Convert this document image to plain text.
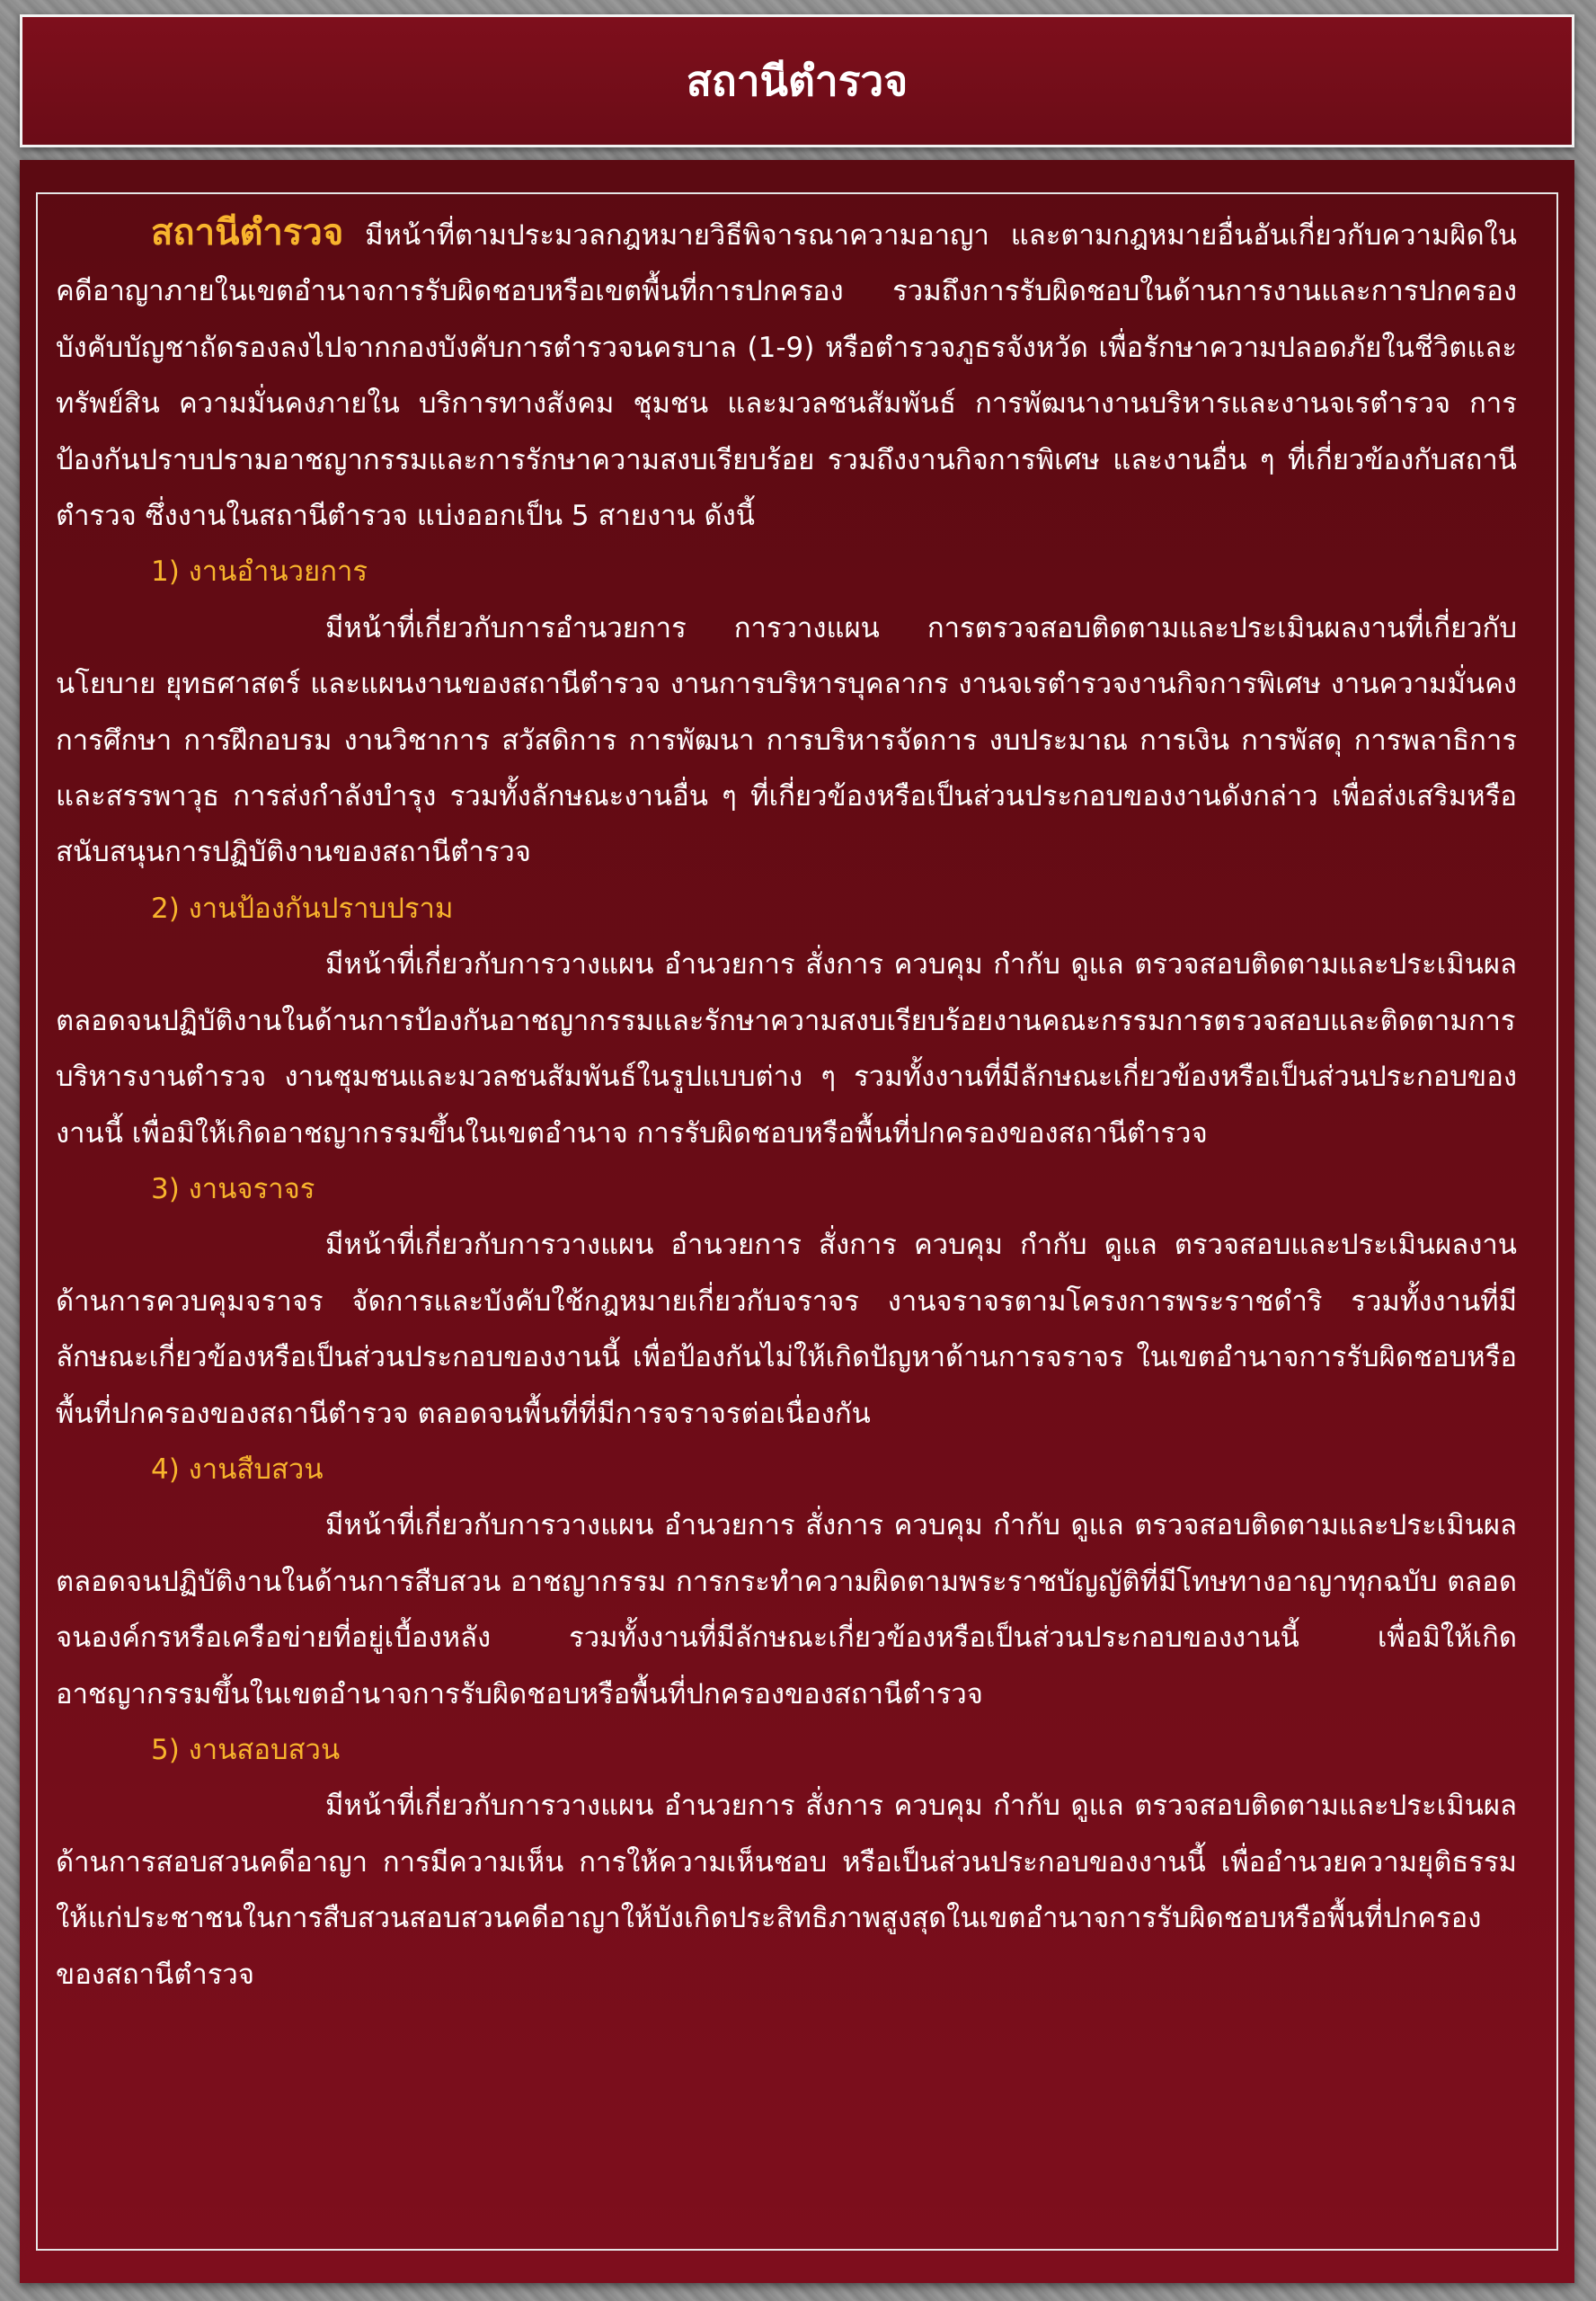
สถานีตำรวจ

สถานีตำรวจ มีหน้าที่ตามประมวลกฎหมายวิธีพิจารณาความอาญา และตามกฎหมายอื่นอันเกี่ยวกับความผิดในคดีอาญาภายในเขตอำนาจการรับผิดชอบหรือเขตพื้นที่การปกครอง รวมถึงการรับผิดชอบในด้านการงานและการปกครองบังคับบัญชาถัดรองลงไปจากกองบังคับการตำรวจนครบาล (1-9) หรือตำรวจภูธรจังหวัด เพื่อรักษาความปลอดภัยในชีวิตและทรัพย์สิน ความมั่นคงภายใน บริการทางสังคม ชุมชน และมวลชนสัมพันธ์ การพัฒนางานบริหารและงานจเรตำรวจ การป้องกันปราบปรามอาชญากรรมและการรักษาความสงบเรียบร้อย รวมถึงงานกิจการพิเศษ และงานอื่น ๆ ที่เกี่ยวข้องกับสถานีตำรวจ ซึ่งงานในสถานีตำรวจ แบ่งออกเป็น 5 สายงาน ดังนี้

1) งานอำนวยการ

มีหน้าที่เกี่ยวกับการอำนวยการ การวางแผน การตรวจสอบติดตามและประเมินผลงานที่เกี่ยวกับนโยบาย ยุทธศาสตร์ และแผนงานของสถานีตำรวจ งานการบริหารบุคลากร งานจเรตำรวจงานกิจการพิเศษ งานความมั่นคง การศึกษา การฝึกอบรม งานวิชาการ สวัสดิการ การพัฒนา การบริหารจัดการ งบประมาณ การเงิน การพัสดุ การพลาธิการและสรรพาวุธ การส่งกำลังบำรุง รวมทั้งลักษณะงานอื่น ๆ ที่เกี่ยวข้องหรือเป็นส่วนประกอบของงานดังกล่าว เพื่อส่งเสริมหรือสนับสนุนการปฏิบัติงานของสถานีตำรวจ

2) งานป้องกันปราบปราม

มีหน้าที่เกี่ยวกับการวางแผน อำนวยการ สั่งการ ควบคุม กำกับ ดูแล ตรวจสอบติดตามและประเมินผล ตลอดจนปฏิบัติงานในด้านการป้องกันอาชญากรรมและรักษาความสงบเรียบร้อยงานคณะกรรมการตรวจสอบและติดตามการบริหารงานตำรวจ งานชุมชนและมวลชนสัมพันธ์ในรูปแบบต่าง ๆ รวมทั้งงานที่มีลักษณะเกี่ยวข้องหรือเป็นส่วนประกอบของงานนี้ เพื่อมิให้เกิดอาชญากรรมขึ้นในเขตอำนาจ การรับผิดชอบหรือพื้นที่ปกครองของสถานีตำรวจ

3) งานจราจร

มีหน้าที่เกี่ยวกับการวางแผน อำนวยการ สั่งการ ควบคุม กำกับ ดูแล ตรวจสอบและประเมินผลงานด้านการควบคุมจราจร จัดการและบังคับใช้กฎหมายเกี่ยวกับจราจร งานจราจรตามโครงการพระราชดำริ รวมทั้งงานที่มีลักษณะเกี่ยวข้องหรือเป็นส่วนประกอบของงานนี้ เพื่อป้องกันไม่ให้เกิดปัญหาด้านการจราจร ในเขตอำนาจการรับผิดชอบหรือพื้นที่ปกครองของสถานีตำรวจ ตลอดจนพื้นที่ที่มีการจราจรต่อเนื่องกัน

4) งานสืบสวน

มีหน้าที่เกี่ยวกับการวางแผน อำนวยการ สั่งการ ควบคุม กำกับ ดูแล ตรวจสอบติดตามและประเมินผล ตลอดจนปฏิบัติงานในด้านการสืบสวน อาชญากรรม การกระทำความผิดตามพระราชบัญญัติที่มีโทษทางอาญาทุกฉบับ ตลอดจนองค์กรหรือเครือข่ายที่อยู่เบื้องหลัง รวมทั้งงานที่มีลักษณะเกี่ยวข้องหรือเป็นส่วนประกอบของงานนี้ เพื่อมิให้เกิดอาชญากรรมขึ้นในเขตอำนาจการรับผิดชอบหรือพื้นที่ปกครองของสถานีตำรวจ

5) งานสอบสวน

มีหน้าที่เกี่ยวกับการวางแผน อำนวยการ สั่งการ ควบคุม กำกับ ดูแล ตรวจสอบติดตามและประเมินผลด้านการสอบสวนคดีอาญา การมีความเห็น การให้ความเห็นชอบ หรือเป็นส่วนประกอบของงานนี้ เพื่ออำนวยความยุติธรรมให้แก่ประชาชนในการสืบสวนสอบสวนคดีอาญาให้บังเกิดประสิทธิภาพสูงสุดในเขตอำนาจการรับผิดชอบหรือพื้นที่ปกครองของสถานีตำรวจ
